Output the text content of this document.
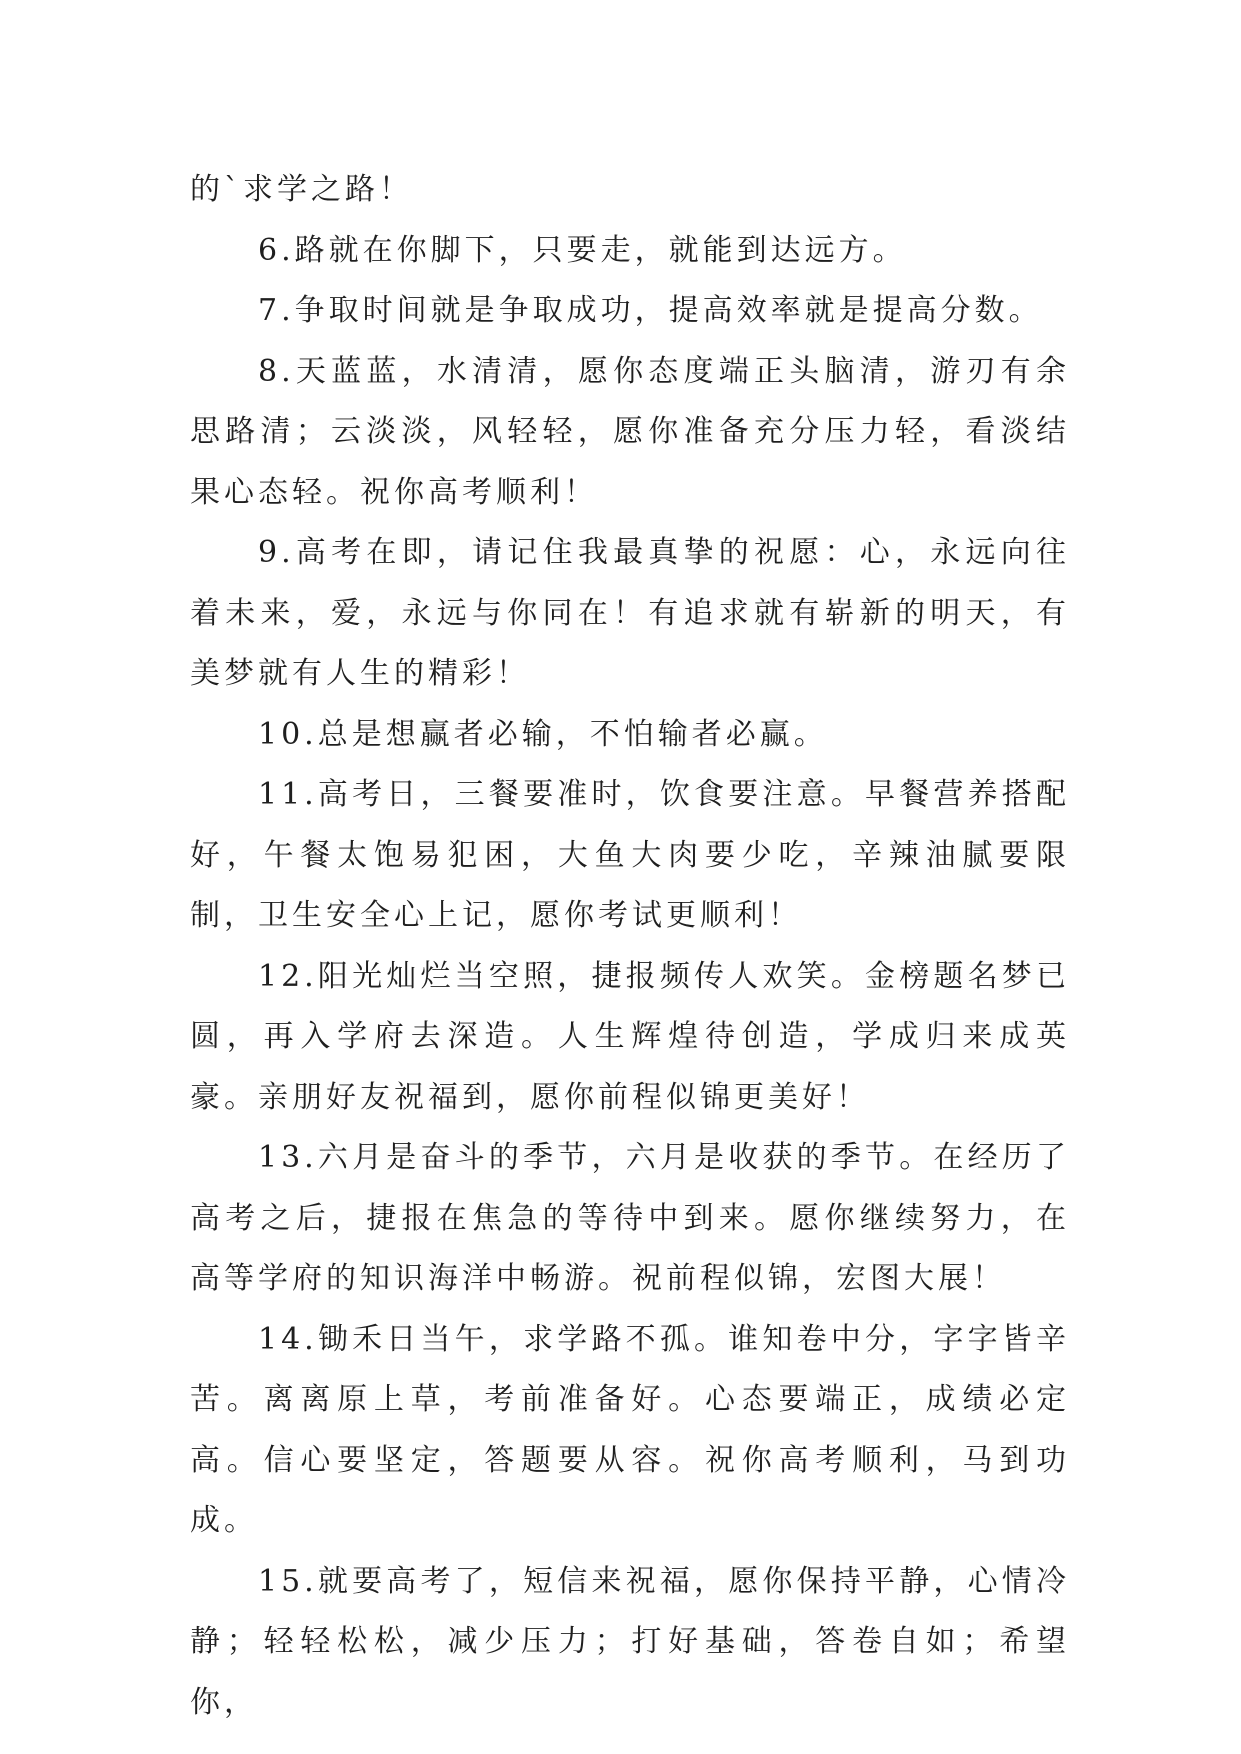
的`求学之路！

6.路就在你脚下，只要走，就能到达远方。

7.争取时间就是争取成功，提高效率就是提高分数。

8.天蓝蓝，水清清，愿你态度端正头脑清，游刃有余思路清；云淡淡，风轻轻，愿你准备充分压力轻，看淡结果心态轻。祝你高考顺利！

9.高考在即，请记住我最真挚的祝愿：心，永远向往着未来，爱，永远与你同在！有追求就有崭新的明天，有美梦就有人生的精彩！

10.总是想赢者必输，不怕输者必赢。

11.高考日，三餐要准时，饮食要注意。早餐营养搭配好，午餐太饱易犯困，大鱼大肉要少吃，辛辣油腻要限制，卫生安全心上记，愿你考试更顺利！

12.阳光灿烂当空照，捷报频传人欢笑。金榜题名梦已圆，再入学府去深造。人生辉煌待创造，学成归来成英豪。亲朋好友祝福到，愿你前程似锦更美好！

13.六月是奋斗的季节，六月是收获的季节。在经历了高考之后，捷报在焦急的等待中到来。愿你继续努力，在高等学府的知识海洋中畅游。祝前程似锦，宏图大展！

14.锄禾日当午，求学路不孤。谁知卷中分，字字皆辛苦。离离原上草，考前准备好。心态要端正，成绩必定高。信心要坚定，答题要从容。祝你高考顺利，马到功成。

15.就要高考了，短信来祝福，愿你保持平静，心情冷静；轻轻松松，减少压力；打好基础，答卷自如；希望你，
